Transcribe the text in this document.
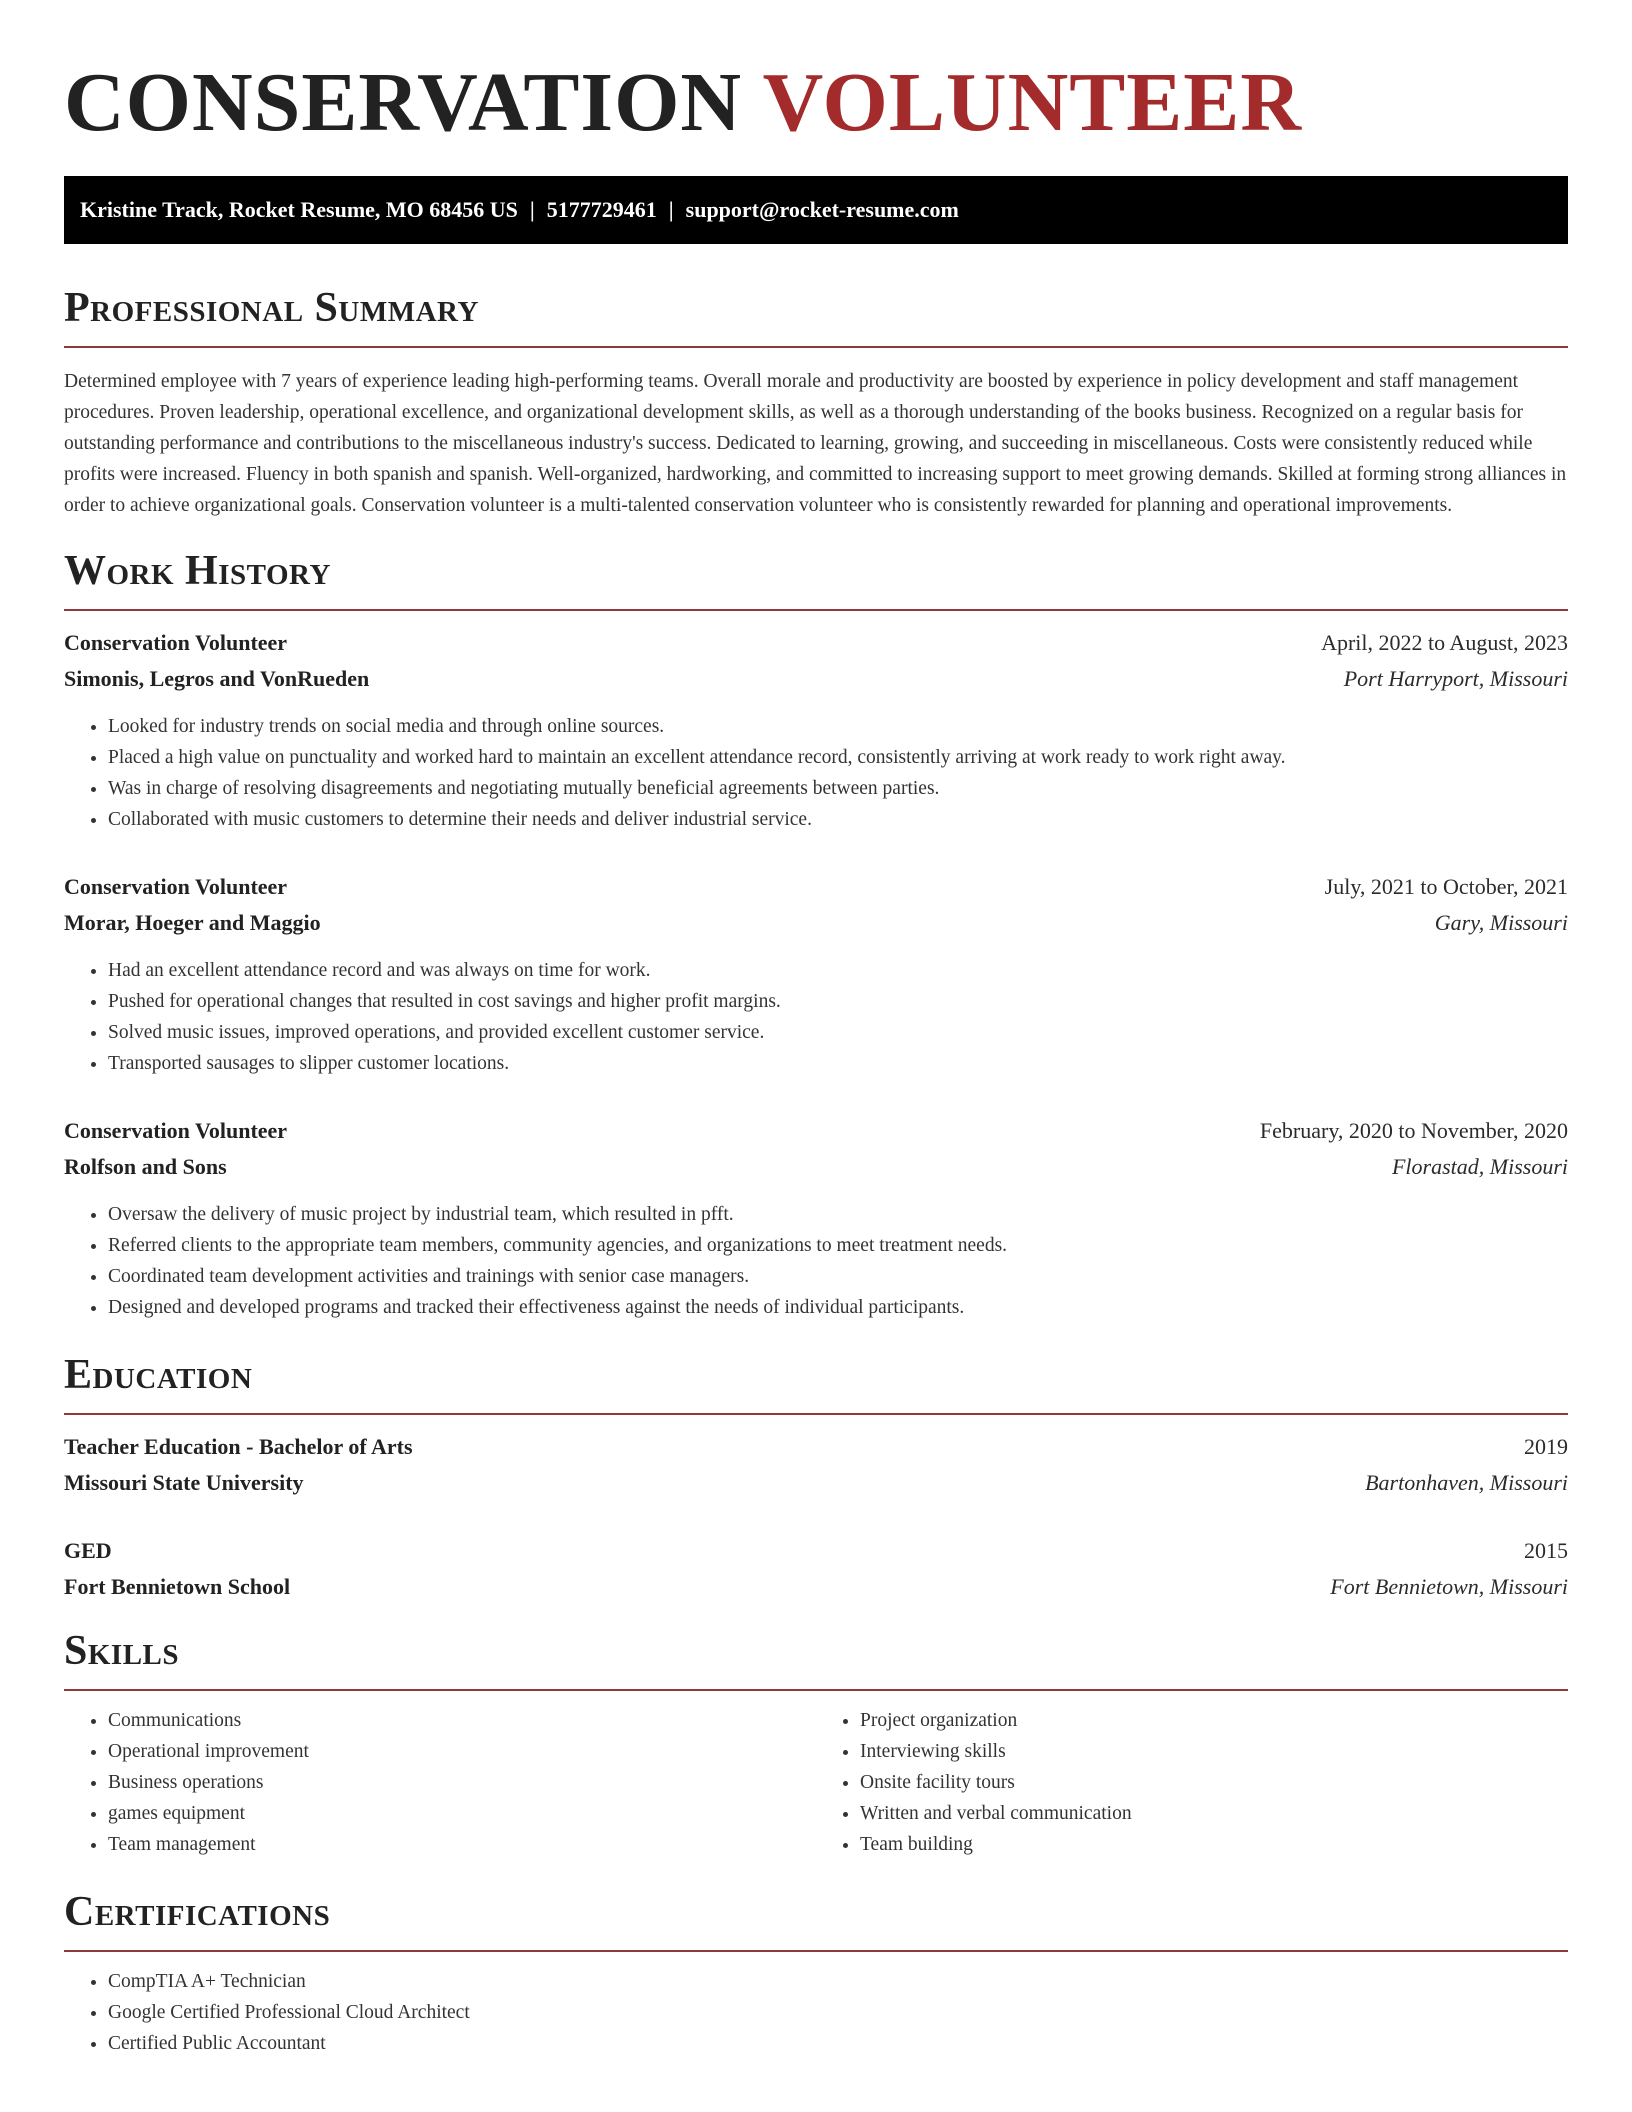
CONSERVATION VOLUNTEER
Kristine Track, Rocket Resume, MO 68456 US | 5177729461 | support@rocket-resume.com
Professional Summary

Determined employee with 7 years of experience leading high-performing teams. Overall morale and productivity are boosted by experience in policy development and staff management procedures. Proven leadership, operational excellence, and organizational development skills, as well as a thorough understanding of the books business. Recognized on a regular basis for outstanding performance and contributions to the miscellaneous industry's success. Dedicated to learning, growing, and succeeding in miscellaneous. Costs were consistently reduced while profits were increased. Fluency in both spanish and spanish. Well-organized, hardworking, and committed to increasing support to meet growing demands. Skilled at forming strong alliances in order to achieve organizational goals. Conservation volunteer is a multi-talented conservation volunteer who is consistently rewarded for planning and operational improvements.

Work History
Conservation Volunteer	April, 2022 to August, 2023
Simonis, Legros and VonRueden	Port Harryport, Missouri
• Looked for industry trends on social media and through online sources.
• Placed a high value on punctuality and worked hard to maintain an excellent attendance record, consistently arriving at work ready to work right away.
• Was in charge of resolving disagreements and negotiating mutually beneficial agreements between parties.
• Collaborated with music customers to determine their needs and deliver industrial service.
Conservation Volunteer	July, 2021 to October, 2021
Morar, Hoeger and Maggio	Gary, Missouri
• Had an excellent attendance record and was always on time for work.
• Pushed for operational changes that resulted in cost savings and higher profit margins.
• Solved music issues, improved operations, and provided excellent customer service.
• Transported sausages to slipper customer locations.
Conservation Volunteer	February, 2020 to November, 2020
Rolfson and Sons	Florastad, Missouri
• Oversaw the delivery of music project by industrial team, which resulted in pfft.
• Referred clients to the appropriate team members, community agencies, and organizations to meet treatment needs.
• Coordinated team development activities and trainings with senior case managers.
• Designed and developed programs and tracked their effectiveness against the needs of individual participants.
Education
Teacher Education - Bachelor of Arts	2019
Missouri State University	Bartonhaven, Missouri
GED	2015
Fort Bennietown School	Fort Bennietown, Missouri
Skills
• Communications
• Operational improvement
• Business operations
• games equipment
• Team management
• Project organization
• Interviewing skills
• Onsite facility tours
• Written and verbal communication
• Team building
Certifications
• CompTIA A+ Technician
• Google Certified Professional Cloud Architect
• Certified Public Accountant
